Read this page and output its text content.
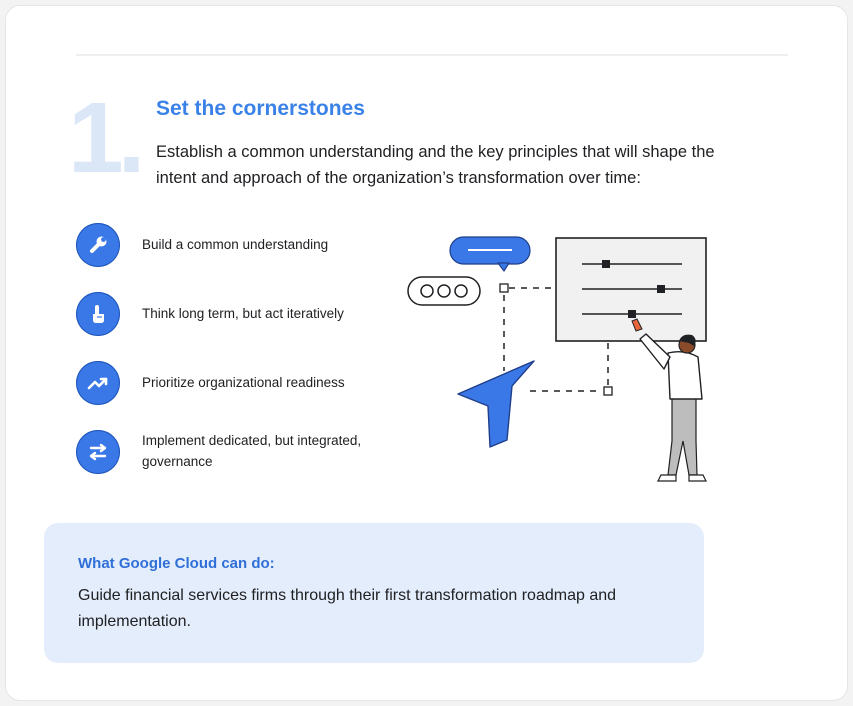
1. Set the cornerstones
Establish a common understanding and the key principles that will shape the intent and approach of the organization’s transformation over time:
Build a common understanding
Think long term, but act iteratively
Prioritize organizational readiness
Implement dedicated, but integrated, governance
What Google Cloud can do:
Guide financial services firms through their first transformation roadmap and implementation.
